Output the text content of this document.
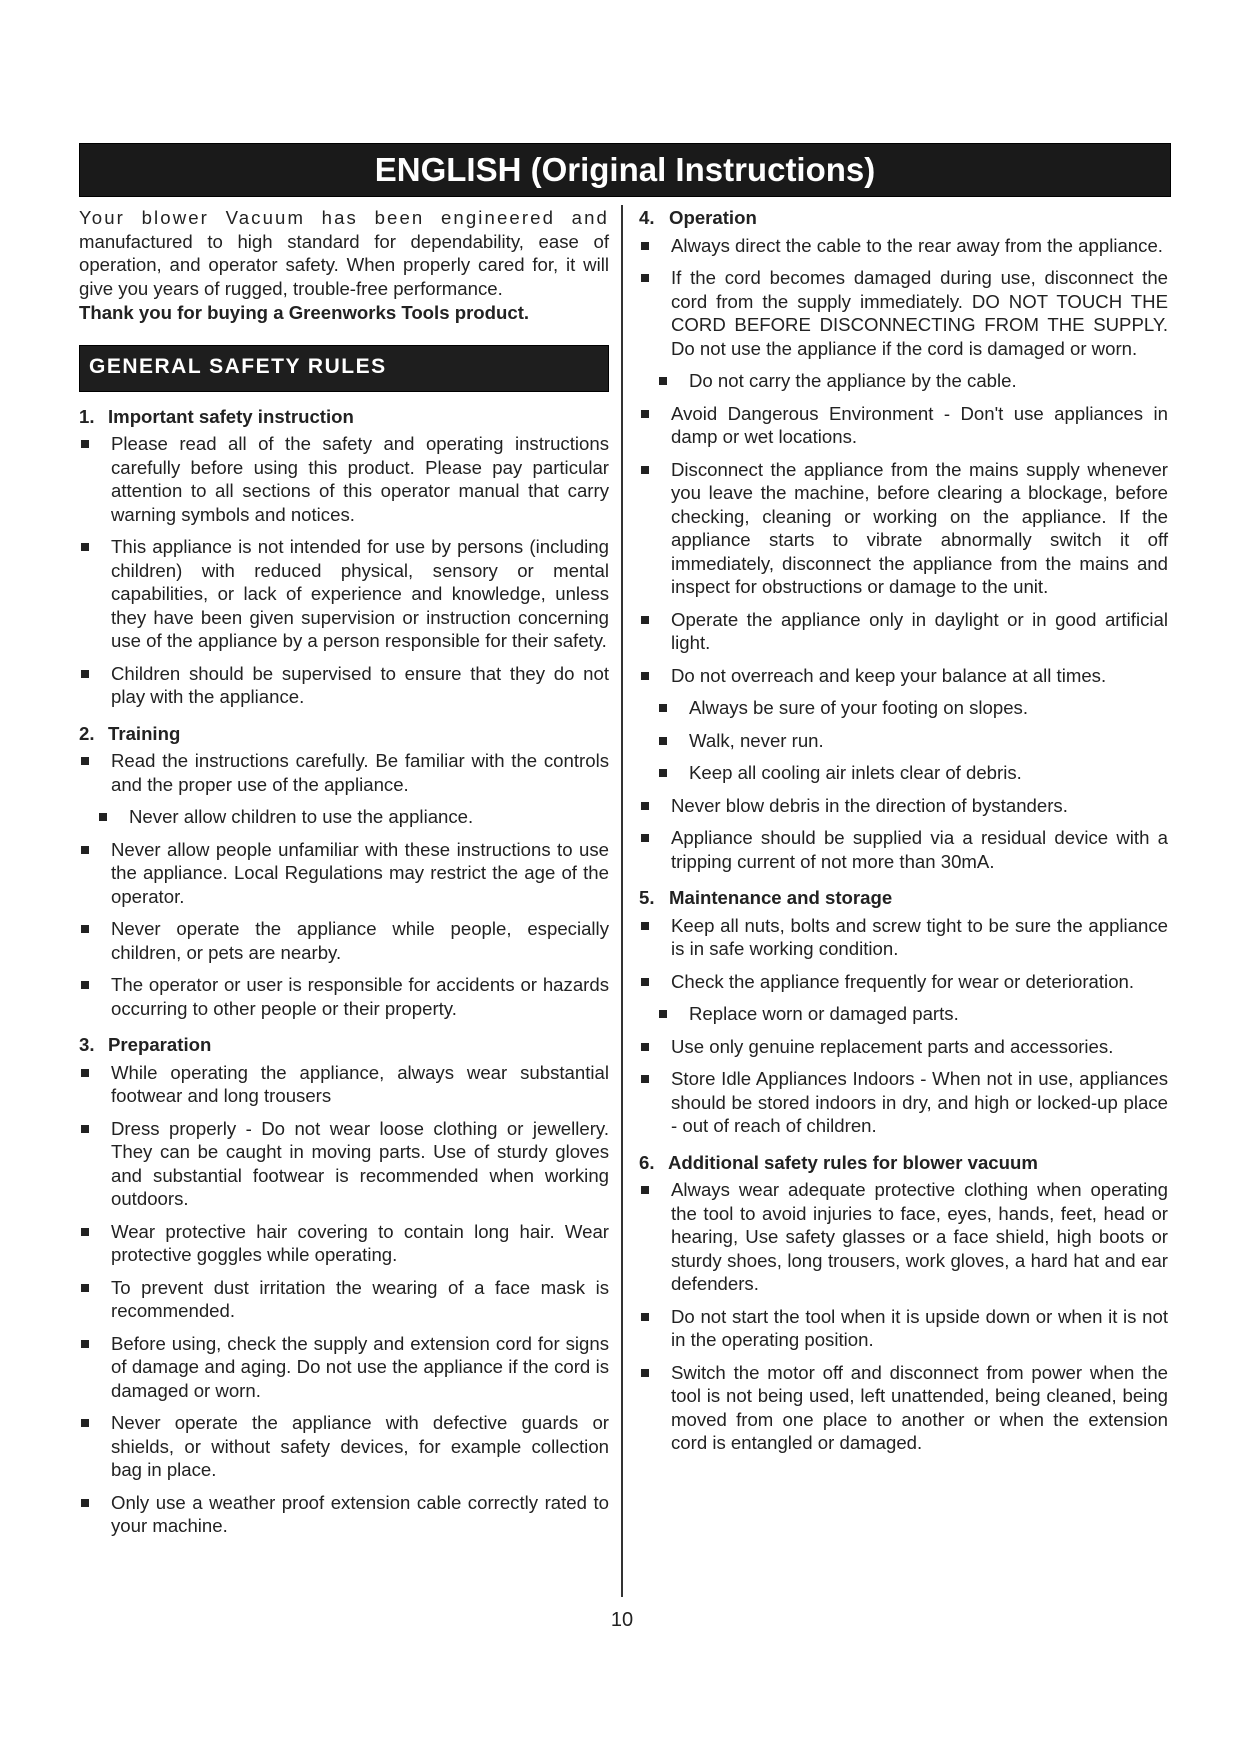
ENGLISH (Original Instructions)

Your blower Vacuum has been engineered and manufactured to high standard for dependability, ease of operation, and operator safety. When properly cared for, it will give you years of rugged, trouble-free performance.

Thank you for buying a Greenworks Tools product.

GENERAL SAFETY RULES
1. Important safety instruction
Please read all of the safety and operating instructions carefully before using this product. Please pay particular attention to all sections of this operator manual that carry warning symbols and notices.
This appliance is not intended for use by persons (including children) with reduced physical, sensory or mental capabilities, or lack of experience and knowledge, unless they have been given supervision or instruction concerning use of the appliance by a person responsible for their safety.
Children should be supervised to ensure that they do not play with the appliance.
2. Training
Read the instructions carefully. Be familiar with the controls and the proper use of the appliance.
Never allow children to use the appliance.
Never allow people unfamiliar with these instructions to use the appliance. Local Regulations may restrict the age of the operator.
Never operate the appliance while people, especially children, or pets are nearby.
The operator or user is responsible for accidents or hazards occurring to other people or their property.
3. Preparation
While operating the appliance, always wear substantial footwear and long trousers
Dress properly - Do not wear loose clothing or jewellery. They can be caught in moving parts. Use of sturdy gloves and substantial footwear is recommended when working outdoors.
Wear protective hair covering to contain long hair. Wear protective goggles while operating.
To prevent dust irritation the wearing of a face mask is recommended.
Before using, check the supply and extension cord for signs of damage and aging. Do not use the appliance if the cord is damaged or worn.
Never operate the appliance with defective guards or shields, or without safety devices, for example collection bag in place.
Only use a weather proof extension cable correctly rated to your machine.
4. Operation
Always direct the cable to the rear away from the appliance.
If the cord becomes damaged during use, disconnect the cord from the supply immediately. DO NOT TOUCH THE CORD BEFORE DISCONNECTING FROM THE SUPPLY. Do not use the appliance if the cord is damaged or worn.
Do not carry the appliance by the cable.
Avoid Dangerous Environment - Don't use appliances in damp or wet locations.
Disconnect the appliance from the mains supply whenever you leave the machine, before clearing a blockage, before checking, cleaning or working on the appliance. If the appliance starts to vibrate abnormally switch it off immediately, disconnect the appliance from the mains and inspect for obstructions or damage to the unit.
Operate the appliance only in daylight or in good artificial light.
Do not overreach and keep your balance at all times.
Always be sure of your footing on slopes.
Walk, never run.
Keep all cooling air inlets clear of debris.
Never blow debris in the direction of bystanders.
Appliance should be supplied via a residual device with a tripping current of not more than 30mA.
5. Maintenance and storage
Keep all nuts, bolts and screw tight to be sure the appliance is in safe working condition.
Check the appliance frequently for wear or deterioration.
Replace worn or damaged parts.
Use only genuine replacement parts and accessories.
Store Idle Appliances Indoors - When not in use, appliances should be stored indoors in dry, and high or locked-up place - out of reach of children.
6. Additional safety rules for blower vacuum
Always wear adequate protective clothing when operating the tool to avoid injuries to face, eyes, hands, feet, head or hearing, Use safety glasses or a face shield, high boots or sturdy shoes, long trousers, work gloves, a hard hat and ear defenders.
Do not start the tool when it is upside down or when it is not in the operating position.
Switch the motor off and disconnect from power when the tool is not being used, left unattended, being cleaned, being moved from one place to another or when the extension cord is entangled or damaged.
10
